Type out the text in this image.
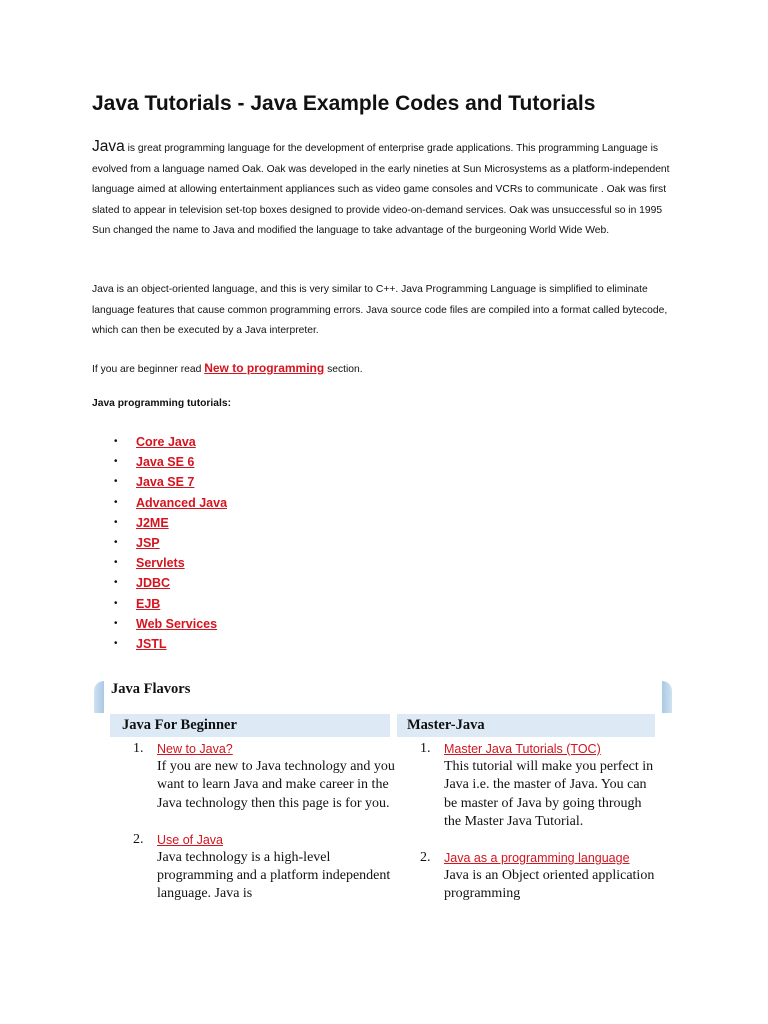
Java Tutorials - Java Example Codes and Tutorials

Java is great programming language for the development of enterprise grade applications. This programming Language is evolved from a language named Oak. Oak was developed in the early nineties at Sun Microsystems as a platform-independent language aimed at allowing entertainment appliances such as video game consoles and VCRs to communicate . Oak was first slated to appear in television set-top boxes designed to provide video-on-demand services. Oak was unsuccessful so in 1995 Sun changed the name to Java and modified the language to take advantage of the burgeoning World Wide Web.

Java is an object-oriented language, and this is very similar to C++. Java Programming Language is simplified to eliminate language features that cause common programming errors. Java source code files are compiled into a format called bytecode, which can then be executed by a Java interpreter.

If you are beginner read New to programming section.

Java programming tutorials:

• Core Java
• Java SE 6
• Java SE 7
• Advanced Java
• J2ME
• JSP
• Servlets
• JDBC
• EJB
• Web Services
• JSTL
Java Flavors
Java For Beginner	Master-Java
1. New to Java?
If you are new to Java technology and you want to learn Java and make career in the Java technology then this page is for you.
2. Use of Java
Java technology is a high-level programming and a platform independent language. Java is
1. Master Java Tutorials (TOC)
This tutorial will make you perfect in Java i.e. the master of Java. You can be master of Java by going through the Master Java Tutorial.
2. Java as a programming language
Java is an Object oriented application programming
